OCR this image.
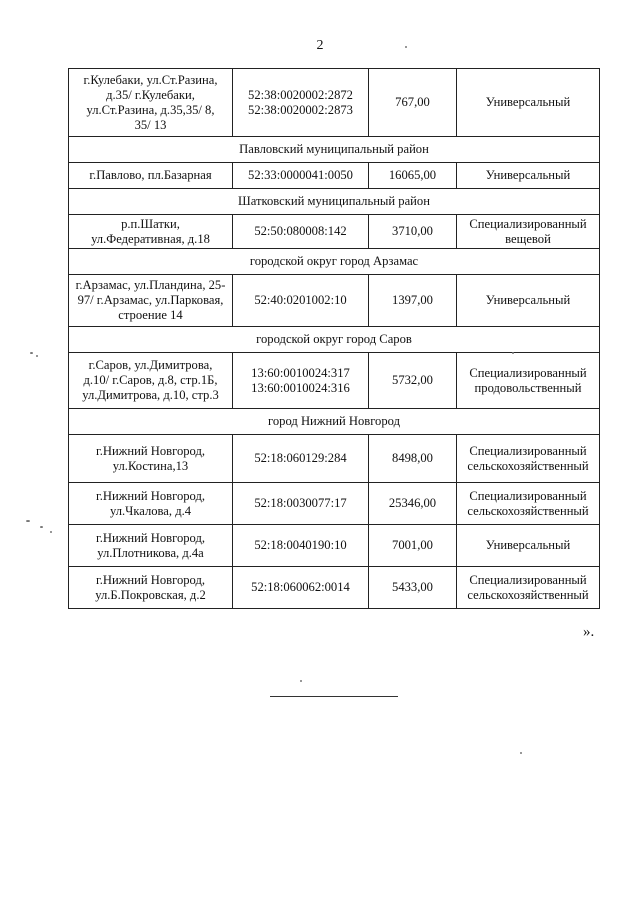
2
г.Кулебаки, ул.Ст.Разина,
д.35/ г.Кулебаки,
ул.Ст.Разина, д.35,35/ 8,
35/ 13	52:38:0020002:2872
52:38:0020002:2873	767,00	Универсальный

Павловский муниципальный район			

г.Павлово, пл.Базарная	52:33:0000041:0050	16065,00	Универсальный

Шатковский муниципальный район			

р.п.Шатки,
ул.Федеративная, д.18	52:50:080008:142	3710,00	Специализированный
вещевой

городской округ город Арзамас			

г.Арзамас, ул.Пландина, 25-
97/ г.Арзамас, ул.Парковая,
строение 14	52:40:0201002:10	1397,00	Универсальный

городской округ город Саров			

г.Саров, ул.Димитрова,
д.10/ г.Саров, д.8, стр.1Б,
ул.Димитрова, д.10, стр.3	13:60:0010024:317
13:60:0010024:316	5732,00	Специализированный
продовольственный

город Нижний Новгород			

г.Нижний Новгород,
ул.Костина,13	52:18:060129:284	8498,00	Специализированный
сельскохозяйственный

г.Нижний Новгород,
ул.Чкалова, д.4	52:18:0030077:17	25346,00	Специализированный
сельскохозяйственный

г.Нижний Новгород,
ул.Плотникова, д.4а	52:18:0040190:10	7001,00	Универсальный

г.Нижний Новгород,
ул.Б.Покровская, д.2	52:18:060062:0014	5433,00	Специализированный
сельскохозяйственный
».
